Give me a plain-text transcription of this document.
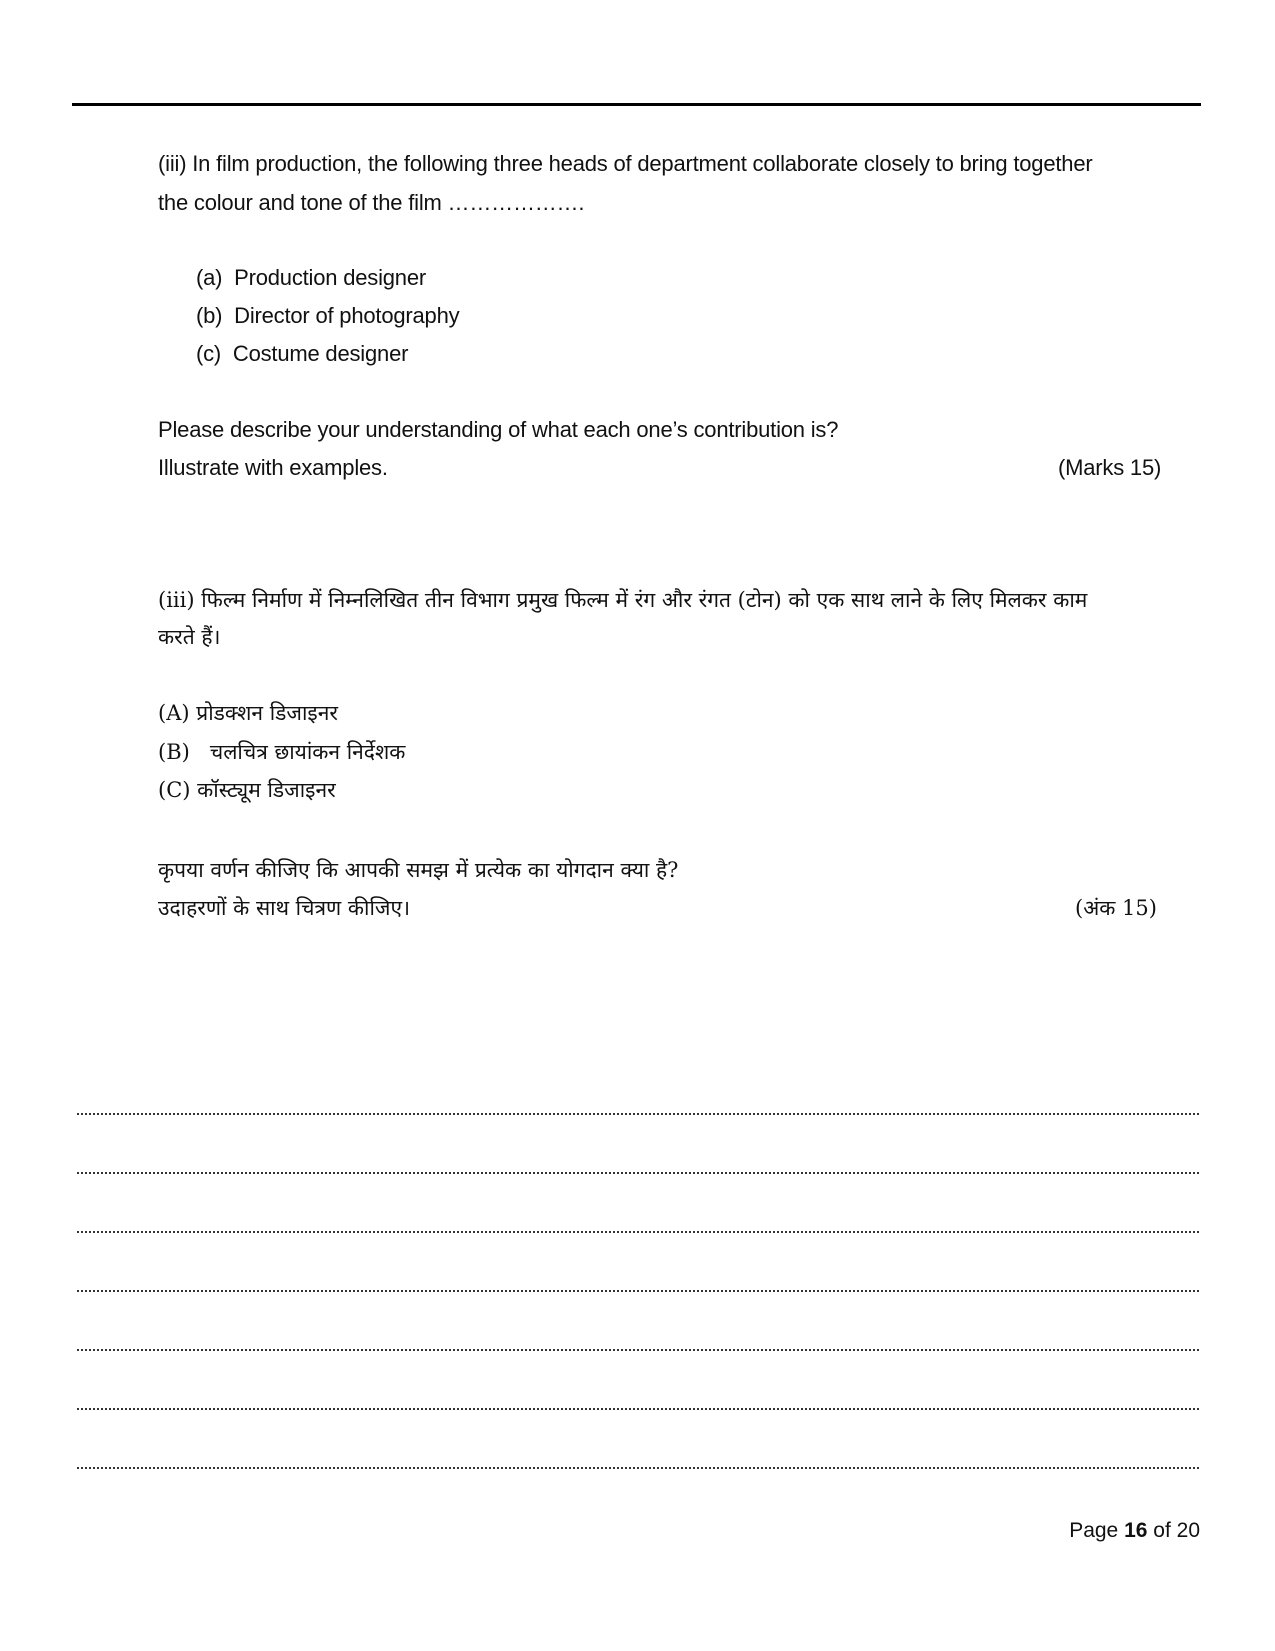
(iii) In film production, the following three heads of department collaborate closely to bring together
the colour and tone of the film ……………….
(a) Production designer
(b) Director of photography
(c) Costume designer
Please describe your understanding of what each one’s contribution is?
Illustrate with examples.	(Marks 15)
(iii) फिल्म निर्माण में निम्नलिखित तीन विभाग प्रमुख फिल्म में रंग और रंगत (टोन) को एक साथ लाने के लिए मिलकर काम
करते हैं।
(A) प्रोडक्शन डिजाइनर
(B) चलचित्र छायांकन निर्देशक
(C) कॉस्ट्यूम डिजाइनर
कृपया वर्णन कीजिए कि आपकी समझ में प्रत्येक का योगदान क्या है?
उदाहरणों के साथ चित्रण कीजिए।	(अंक 15)
Page 16 of 20
